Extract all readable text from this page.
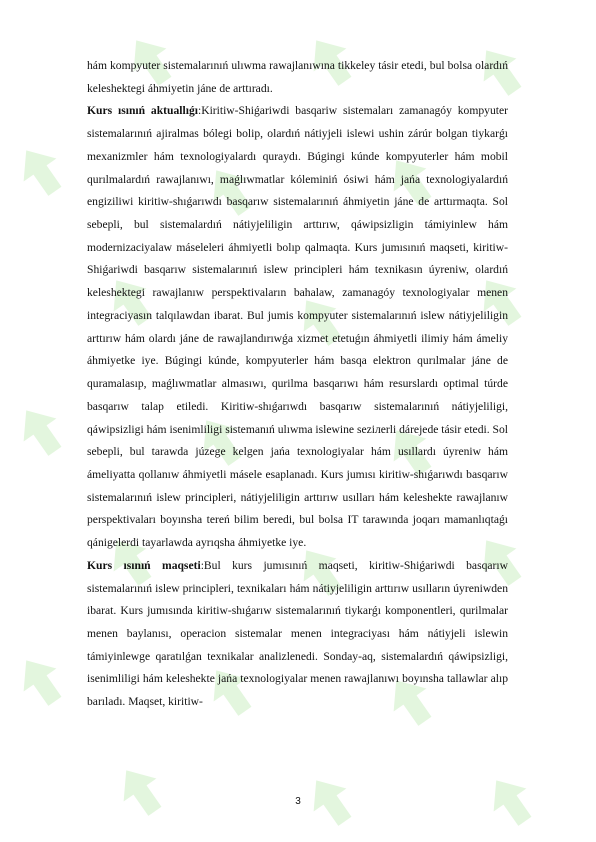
hám kompyuter sistemalarınıń ulıwma rawajlanıwına tikkeley tásir etedi, bul bolsa olardıń keleshektegi áhmiyetin jáne de arttıradı.

Kurs ısınıń aktuallıǵı:Kiritiw-Shiǵariwdi basqariw sistemaları zamanagóy kompyuter sistemalarınıń ajiralmas bólegi bolip, olardıń nátiyjeli islewi ushin zárúr bolgan tiykarǵı mexanizmler hám texnologiyalardı quraydı. Búgingi kúnde kompyuterler hám mobil qurılmalardıń rawajlanıwı, maǵlıwmatlar kóleminiń ósiwi hám jańa texnologiyalardıń engiziliwi kiritiw-shıǵarıwdı basqarıw sistemalarınıń áhmiyetin jáne de arttırmaqta. Sol sebepli, bul sistemalardıń nátiyjeliligin arttırıw, qáwipsizligin támiyinlew hám modernizaciyalaw máseleleri áhmiyetli bolıp qalmaqta. Kurs jumısınıń maqseti, kiritiw-Shiǵariwdi basqarıw sistemalarınıń islew principleri hám texnikasın úyreniw, olardıń keleshektegi rawajlanıw perspektivaların bahalaw, zamanagóy texnologiyalar menen integraciyasın talqılawdan ibarat. Bul jumis kompyuter sistemalarınıń islew nátiyjeliligin arttırıw hám olardı jáne de rawajlandırıwǵa xizmet etetuǵın áhmiyetli ilimiy hám ámeliy áhmiyetke iye. Búgingi kúnde, kompyuterler hám basqa elektron qurılmalar jáne de quramalasıp, maǵlıwmatlar almasıwı, qurilma basqarıwı hám resurslardı optimal túrde basqarıw talap etiledi. Kiritiw-shıǵarıwdı basqarıw sistemalarınıń nátiyjeliligi, qáwipsizligi hám isenimliligi sistemanıń ulıwma islewine seziлerli dárejede tásir etedi. Sol sebepli, bul tarawda júzege kelgen jańa texnologiyalar hám usıllardı úyreniw hám ámeliyatta qollanıw áhmiyetli másele esaplanadı. Kurs jumısı kiritiw-shıǵarıwdı basqarıw sistemalarınıń islew principleri, nátiyjeliligin arttırıw usılları hám keleshekte rawajlanıw perspektivaları boyınsha tereń bilim beredi, bul bolsa IT tarawında joqarı mamanlıqtaǵı qánigelerdi tayarlawda ayrıqsha áhmiyetke iye.

Kurs ısınıń maqseti:Bul kurs jumısınıń maqseti, kiritiw-Shiǵariwdi basqarıw sistemalarınıń islew principleri, texnikaları hám nátiyjeliligin arttırıw usılların úyreniwden ibarat. Kurs jumısında kiritiw-shıǵarıw sistemalarınıń tiykarǵı komponentleri, qurilmalar menen baylanısı, operacion sistemalar menen integraciyası hám nátiyjeli islewin támiyinlewge qaratılǵan texnikalar analizlenedi. Sonday-aq, sistemalardıń qáwipsizligi, isenimliligi hám keleshekte jańa texnologiyalar menen rawajlanıwı boyınsha tallawlar alıp barıladı. Maqset, kiritiw-

3
